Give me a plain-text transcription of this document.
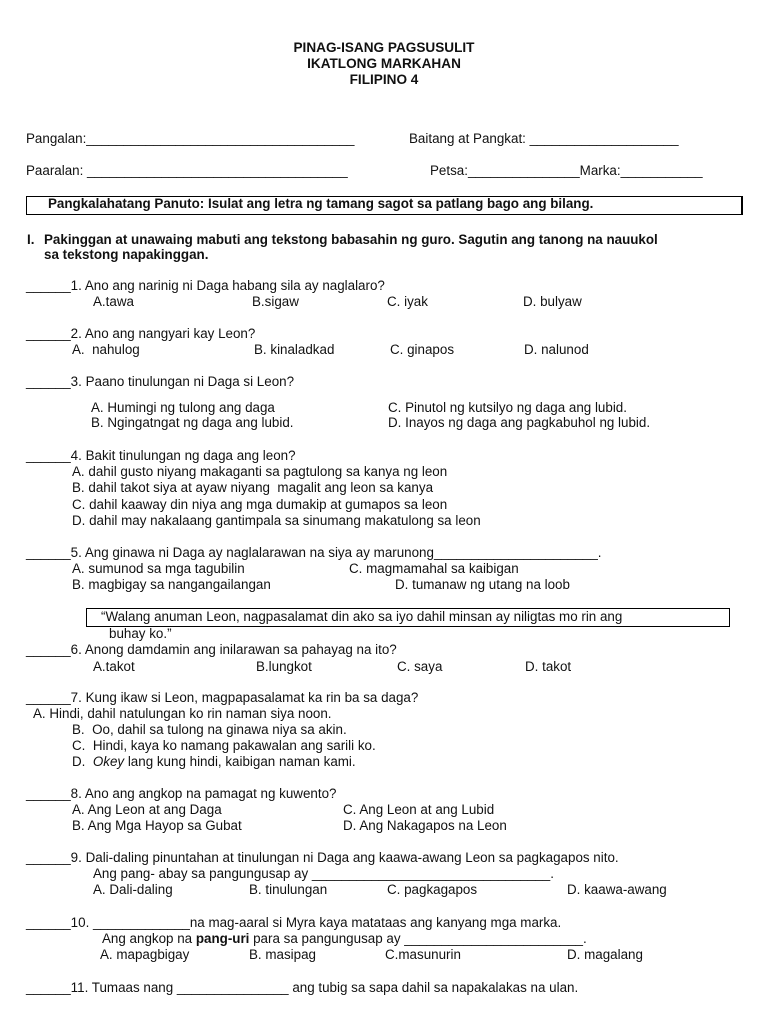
PINAG-ISANG PAGSUSULIT
IKATLONG MARKAHAN
FILIPINO 4
Pangalan:____________________________________	Baitang at Pangkat: ____________________
Paaralan: ___________________________________	Petsa:_______________Marka:___________
Pangkalahatang Panuto: Isulat ang letra ng tamang sagot sa patlang bago ang bilang.
I. Pakinggan at unawaing mabuti ang tekstong babasahin ng guro. Sagutin ang tanong na nauukol
sa tekstong napakinggan.
______1. Ano ang narinig ni Daga habang sila ay naglalaro?
A.tawa	B.sigaw	C. iyak	D. bulyaw
______2. Ano ang nangyari kay Leon?
A.  nahulog	B. kinaladkad	C. ginapos	D. nalunod
______3. Paano tinulungan ni Daga si Leon?
A. Humingi ng tulong ang daga
B. Ngingatngat ng daga ang lubid.
C. Pinutol ng kutsilyo ng daga ang lubid.
D. Inayos ng daga ang pagkabuhol ng lubid.
______4. Bakit tinulungan ng daga ang leon?
A. dahil gusto niyang makaganti sa pagtulong sa kanya ng leon
B. dahil takot siya at ayaw niyang  magalit ang leon sa kanya
C. dahil kaaway din niya ang mga dumakip at gumapos sa leon
D. dahil may nakalaang gantimpala sa sinumang makatulong sa leon
______5. Ang ginawa ni Daga ay naglalarawan na siya ay marunong______________________.
A. sumunod sa mga tagubilin	C. magmamahal sa kaibigan
B. magbigay sa nangangailangan	D. tumanaw ng utang na loob
“Walang anuman Leon, nagpasalamat din ako sa iyo dahil minsan ay niligtas mo rin ang
buhay ko.”
______6. Anong damdamin ang inilarawan sa pahayag na ito?
A.takot	B.lungkot	C. saya	D. takot
______7. Kung ikaw si Leon, magpapasalamat ka rin ba sa daga?
A. Hindi, dahil natulungan ko rin naman siya noon.
B.  Oo, dahil sa tulong na ginawa niya sa akin.
C.  Hindi, kaya ko namang pakawalan ang sarili ko.
D.  Okey lang kung hindi, kaibigan naman kami.
______8. Ano ang angkop na pamagat ng kuwento?
A. Ang Leon at ang Daga	C. Ang Leon at ang Lubid
B. Ang Mga Hayop sa Gubat	D. Ang Nakagapos na Leon
______9. Dali-daling pinuntahan at tinulungan ni Daga ang kaawa-awang Leon sa pagkagapos nito.
Ang pang- abay sa pangungusap ay ________________________________.
A. Dali-daling	B. tinulungan	C. pagkagapos	D. kaawa-awang
______10. _____________na mag-aaral si Myra kaya matataas ang kanyang mga marka.
Ang angkop na pang-uri para sa pangungusap ay ________________________.
A. mapagbigay	B. masipag	C.masunurin	D. magalang
______11. Tumaas nang _______________ ang tubig sa sapa dahil sa napakalakas na ulan.
